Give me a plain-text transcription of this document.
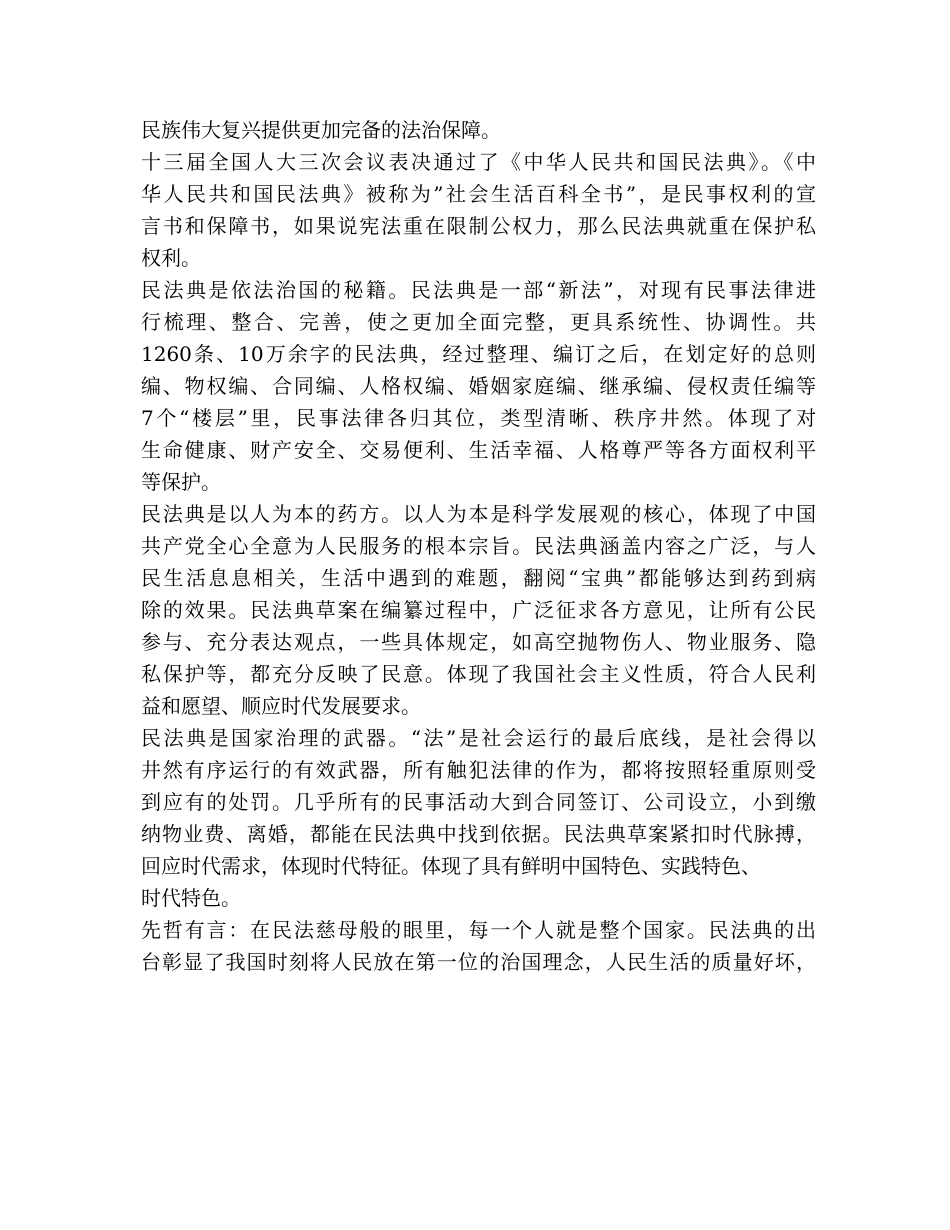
民族伟大复兴提供更加完备的法治保障。
十三届全国人大三次会议表决通过了《中华人民共和国民法典》。《中
华人民共和国民法典》被称为”社会生活百科全书”，是民事权利的宣
言书和保障书，如果说宪法重在限制公权力，那么民法典就重在保护私
权利。
民法典是依法治国的秘籍。民法典是一部“新法”，对现有民事法律进
行梳理、整合、完善，使之更加全面完整，更具系统性、协调性。共
1260条、10万余字的民法典，经过整理、编订之后，在划定好的总则
编、物权编、合同编、人格权编、婚姻家庭编、继承编、侵权责任编等
7个“楼层”里，民事法律各归其位，类型清晰、秩序井然。体现了对
生命健康、财产安全、交易便利、生活幸福、人格尊严等各方面权利平
等保护。
民法典是以人为本的药方。以人为本是科学发展观的核心，体现了中国
共产党全心全意为人民服务的根本宗旨。民法典涵盖内容之广泛，与人
民生活息息相关，生活中遇到的难题，翻阅“宝典”都能够达到药到病
除的效果。民法典草案在编纂过程中，广泛征求各方意见，让所有公民
参与、充分表达观点，一些具体规定，如高空抛物伤人、物业服务、隐
私保护等，都充分反映了民意。体现了我国社会主义性质，符合人民利
益和愿望、顺应时代发展要求。
民法典是国家治理的武器。“法”是社会运行的最后底线，是社会得以
井然有序运行的有效武器，所有触犯法律的作为，都将按照轻重原则受
到应有的处罚。几乎所有的民事活动大到合同签订、公司设立，小到缴
纳物业费、离婚，都能在民法典中找到依据。民法典草案紧扣时代脉搏，
回应时代需求，体现时代特征。体现了具有鲜明中国特色、实践特色、
时代特色。
先哲有言：在民法慈母般的眼里，每一个人就是整个国家。民法典的出
台彰显了我国时刻将人民放在第一位的治国理念，人民生活的质量好坏，
